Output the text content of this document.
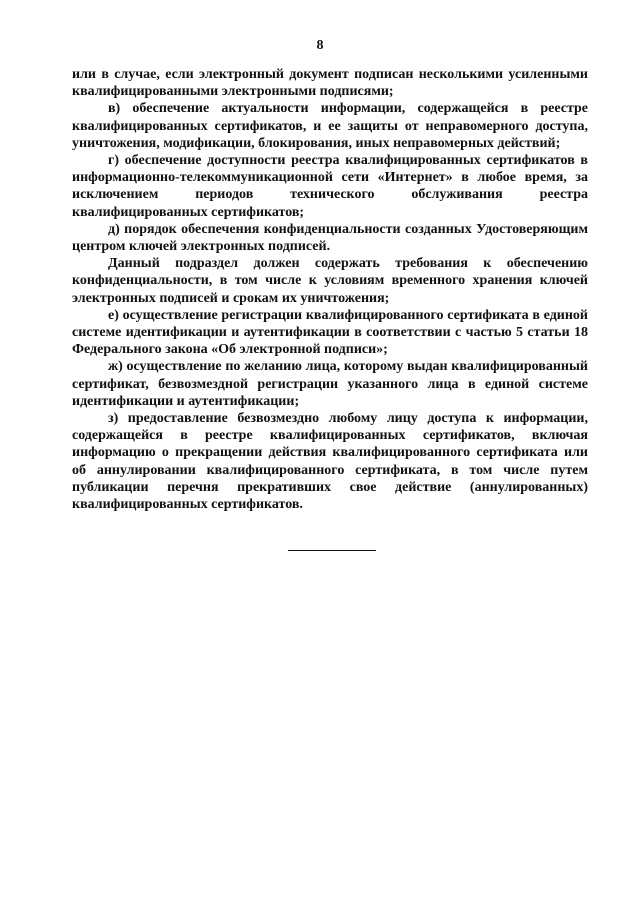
8

или в случае, если электронный документ подписан несколькими усиленными квалифицированными электронными подписями;

в) обеспечение актуальности информации, содержащейся в реестре квалифицированных сертификатов, и ее защиты от неправомерного доступа, уничтожения, модификации, блокирования, иных неправомерных действий;

г) обеспечение доступности реестра квалифицированных сертификатов в информационно-телекоммуникационной сети «Интернет» в любое время, за исключением периодов технического обслуживания реестра квалифицированных сертификатов;

д) порядок обеспечения конфиденциальности созданных Удостоверяющим центром ключей электронных подписей.

Данный подраздел должен содержать требования к обеспечению конфиденциальности, в том числе к условиям временного хранения ключей электронных подписей и срокам их уничтожения;

е) осуществление регистрации квалифицированного сертификата в единой системе идентификации и аутентификации в соответствии с частью 5 статьи 18 Федерального закона «Об электронной подписи»;

ж) осуществление по желанию лица, которому выдан квалифицированный сертификат, безвозмездной регистрации указанного лица в единой системе идентификации и аутентификации;

з) предоставление безвозмездно любому лицу доступа к информации, содержащейся в реестре квалифицированных сертификатов, включая информацию о прекращении действия квалифицированного сертификата или об аннулировании квалифицированного сертификата, в том числе путем публикации перечня прекративших свое действие (аннулированных) квалифицированных сертификатов.
